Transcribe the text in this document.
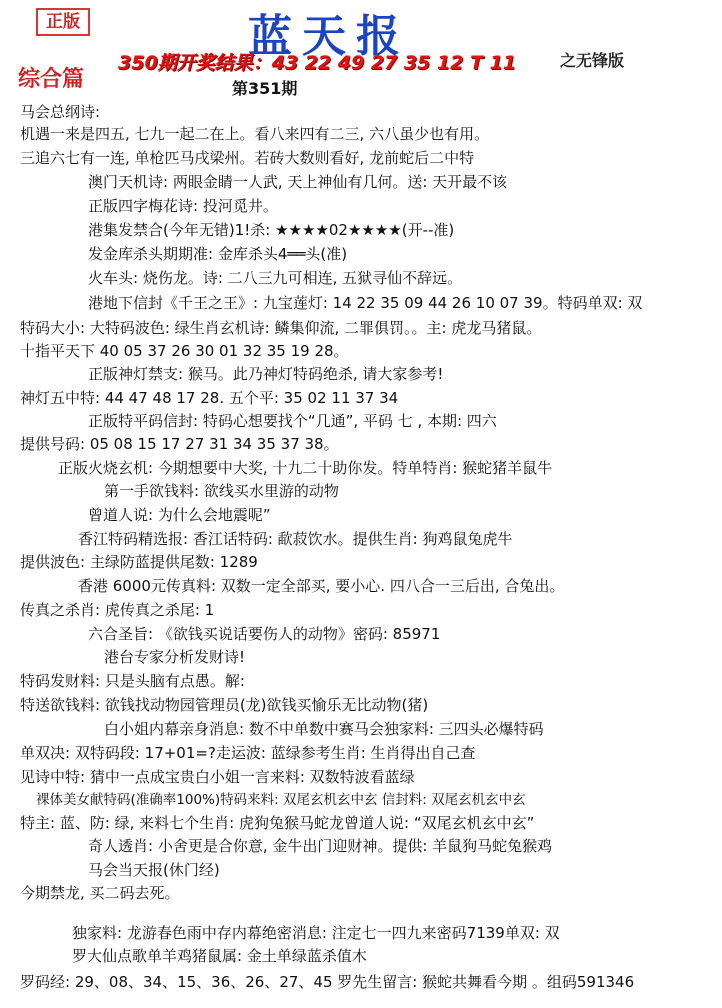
正版	蓝天报
350期开奖结果：43 22 49 27 35 12 T 11	之无锋版
综合篇	第351期
马会总纲诗:
机遇一来是四五, 七九一起二在上。看八来四有二三, 六八虽少也有用。
三追六七有一连, 单枪匹马戌梁州。若砖大数则看好, 龙前蛇后二中特
澳门天机诗: 两眼金睛一人武, 天上神仙有几何。送: 天开最不该
正版四字梅花诗: 投河觅井。
港集发禁合(今年无错)1!杀: ★★★★02★★★★(开--准)
发金库杀头期期准: 金库杀头4══头(准)
火车头: 烧伤龙。诗: 二八三九可相连, 五狱寻仙不辞远。
港地下信封《千王之王》: 九宝莲灯: 14 22 35 09 44 26 10 07 39。特码单双: 双
特码大小: 大特码波色: 绿生肖玄机诗: 鳞集仰流, 二罪俱罚。。主: 虎龙马猪鼠。
十指平天下 40 05 37 26 30 01 32 35 19 28。
正版神灯禁支: 猴马。此乃神灯特码绝杀, 请大家参考!
神灯五中特: 44 47 48 17 28. 五个平: 35 02 11 37 34
正版特平码信封: 特码心想要找个“几通”, 平码 七 , 本期: 四六
提供号码: 05 08 15 17 27 31 34 35 37 38。
正版火烧玄机: 今期想要中大奖, 十九二十助你发。特单特肖: 猴蛇猪羊鼠牛
第一手欲钱料: 欲线买水里游的动物
曾道人说: 为什么会地震呢”
香江特码精选报: 香江话特码: 歃菽饮水。提供生肖: 狗鸡鼠兔虎牛
提供波色: 主绿防蓝提供尾数: 1289
香港 6000元传真料: 双数一定全部买, 要小心. 四八合一三后出, 合兔出。
传真之杀肖: 虎传真之杀尾: 1
六合圣旨: 《欲钱买说话要伤人的动物》密码: 85971
港台专家分析发财诗!
特码发财料: 只是头脑有点愚。解:
特送欲钱料: 欲钱找动物园管理员(龙)欲钱买愉乐无比动物(猪)
白小姐内幕亲身消息: 数不中单数中赛马会独家料: 三四头必爆特码
单双决: 双特码段: 17+01=?走运波: 蓝绿参考生肖: 生肖得出自己查
见诗中特: 猜中一点成宝贵白小姐一言来料: 双数特波看蓝绿
裸体美女献特码(准确率100%)特码来料: 双尾玄机玄中玄 信封料: 双尾玄机玄中玄
特主: 蓝、防: 绿, 来料七个生肖: 虎狗兔猴马蛇龙曾道人说: “双尾玄机玄中玄”
奇人透肖: 小舍更是合你意, 金牛出门迎财神。提供: 羊鼠狗马蛇兔猴鸡
马会当天报(休门经)
今期禁龙, 买二码去死。
独家料: 龙游春色雨中存内幕绝密消息: 注定七一四九来密码7139单双: 双
罗大仙点歌单羊鸡猪鼠属: 金土单绿蓝杀值木
罗码经: 29、08、34、15、36、26、27、45 罗先生留言: 猴蛇共舞看今期 。组码591346
